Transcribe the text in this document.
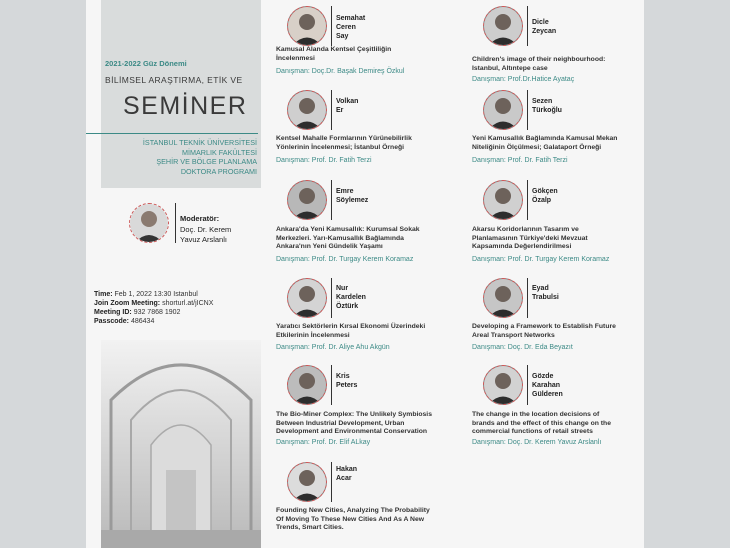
2021-2022 Güz Dönemi
BİLİMSEL ARAŞTIRMA, ETİK VE
SEMİNER
İSTANBUL TEKNİK ÜNİVERSİTESİ
MİMARLIK FAKÜLTESİ
ŞEHİR VE BÖLGE PLANLAMA
DOKTORA PROGRAMI
Moderatör:
Doç. Dr. Kerem
Yavuz Arslanlı
Time: Feb 1, 2022 13:30 Istanbul
Join Zoom Meeting: shorturl.at/jICNX
Meeting ID: 932 7868 1902
Passcode: 486434
Semahat
Ceren
Say
Kamusal Alanda Kentsel Çeşitliliğin
İncelenmesi
Danışman: Doç.Dr. Başak Demireş Özkul
Volkan
Er
Kentsel Mahalle Formlarının Yürünebilirlik
Yönlerinin İncelenmesi; İstanbul Örneği
Danışman: Prof. Dr. Fatih Terzi
Emre
Söylemez
Ankara'da Yeni Kamusallık: Kurumsal Sokak
Merkezleri. Yarı-Kamusallık Bağlamında
Ankara'nın Yeni Gündelik Yaşamı
Danışman: Prof. Dr. Turgay Kerem Koramaz
Nur
Kardelen
Öztürk
Yaratıcı Sektörlerin Kırsal Ekonomi Üzerindeki
Etkilerinin İncelenmesi
Danışman: Prof. Dr. Aliye Ahu Akgün
Kris
Peters
The Bio-Miner Complex: The Unlikely Symbiosis
Between Industrial Development, Urban
Development and Environmental Conservation
Danışman: Prof. Dr. Elif ALkay
Hakan
Acar
Founding New Cities, Analyzing The Probability
Of Moving To These New Cities And As A New
Trends, Smart Cities.
Dicle
Zeycan
Children's image of their neighbourhood:
Istanbul, Altıntepe case
Danışman: Prof.Dr.Hatice Ayataç
Sezen
Türkoğlu
Yeni Kamusallık Bağlamında Kamusal Mekan
Niteliğinin Ölçülmesi; Galataport Örneği
Danışman: Prof. Dr. Fatih Terzi
Gökçen
Özalp
Akarsu Koridorlarının Tasarım ve
Planlamasının Türkiye'deki Mevzuat
Kapsamında Değerlendirilmesi
Danışman: Prof. Dr. Turgay Kerem Koramaz
Eyad
Trabulsi
Developing a Framework to Establish Future
Areal Transport Networks
Danışman: Doç. Dr. Eda Beyazıt
Gözde
Karahan
Gülderen
The change in the location decisions of
brands and the effect of this change on the
commercial functions of retail streets
Danışman: Doç. Dr. Kerem Yavuz Arslanlı
